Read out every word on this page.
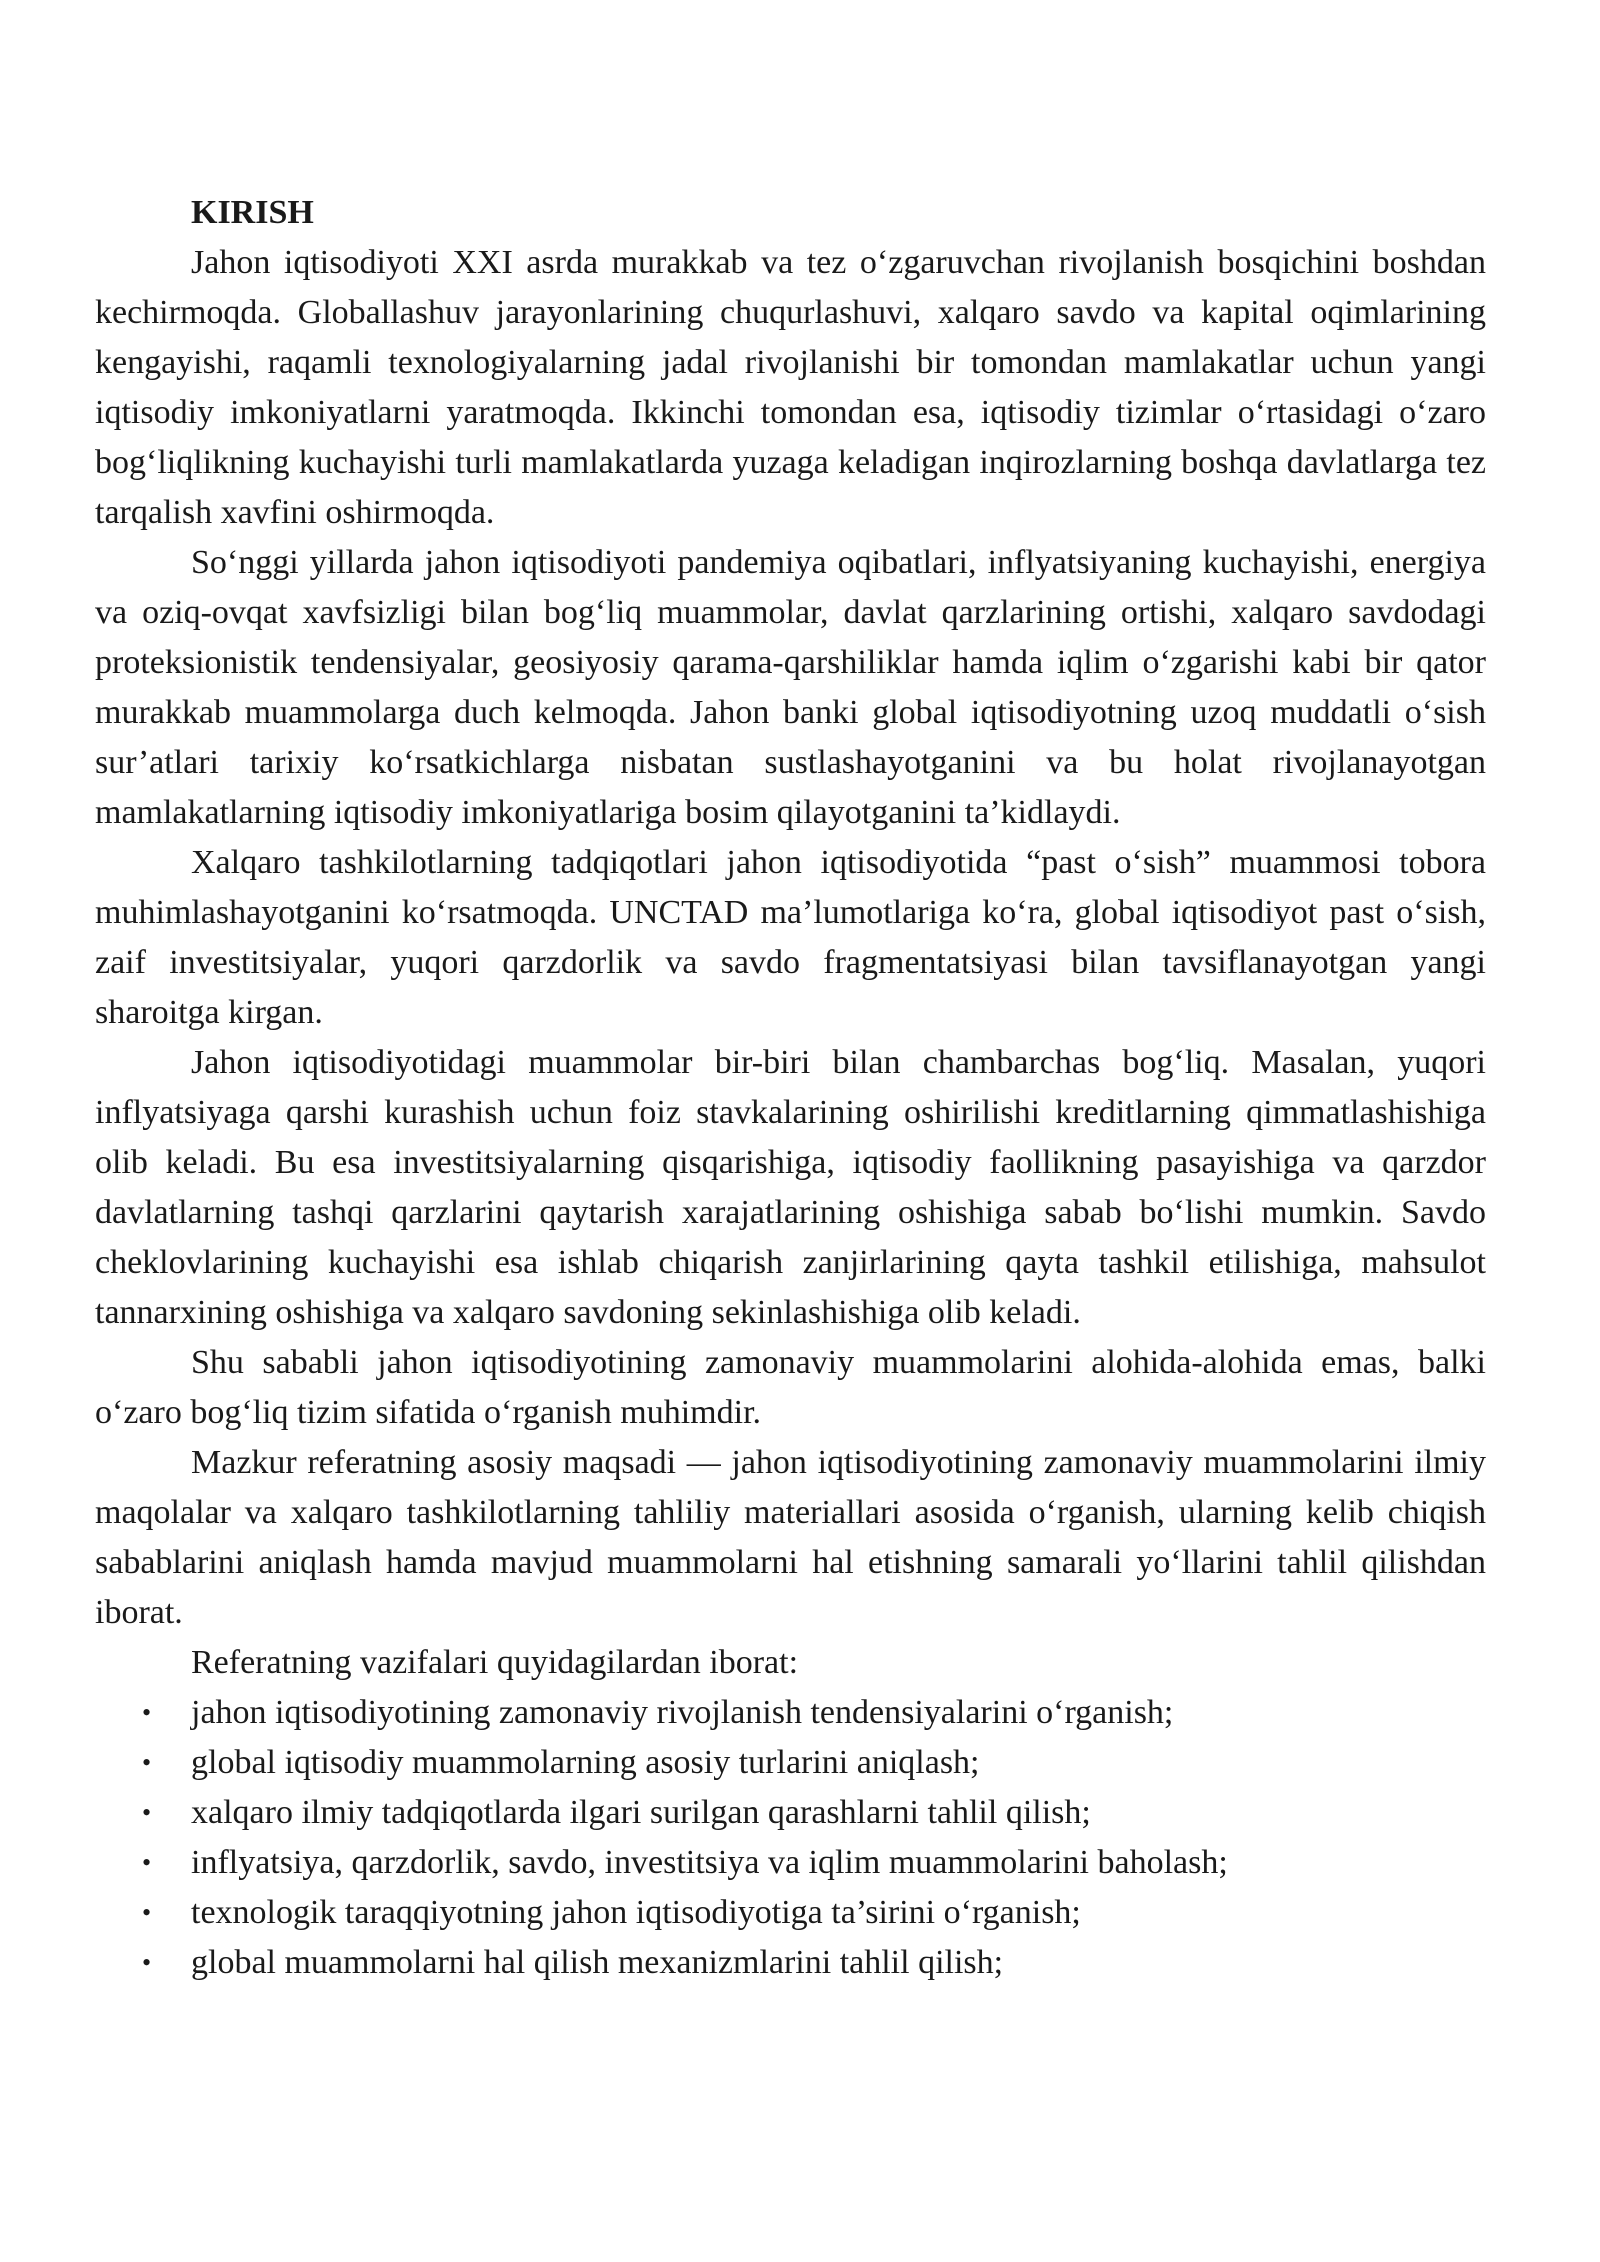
KIRISH

Jahon iqtisodiyoti XXI asrda murakkab va tez o‘zgaruvchan rivojlanish bosqichini boshdan kechirmoqda. Globallashuv jarayonlarining chuqurlashuvi, xalqaro savdo va kapital oqimlarining kengayishi, raqamli texnologiyalarning jadal rivojlanishi bir tomondan mamlakatlar uchun yangi iqtisodiy imkoniyatlarni yaratmoqda. Ikkinchi tomondan esa, iqtisodiy tizimlar o‘rtasidagi o‘zaro bog‘liqlikning kuchayishi turli mamlakatlarda yuzaga keladigan inqirozlarning boshqa davlatlarga tez tarqalish xavfini oshirmoqda.

So‘nggi yillarda jahon iqtisodiyoti pandemiya oqibatlari, inflyatsiyaning kuchayishi, energiya va oziq-ovqat xavfsizligi bilan bog‘liq muammolar, davlat qarzlarining ortishi, xalqaro savdodagi proteksionistik tendensiyalar, geosiyosiy qarama-qarshiliklar hamda iqlim o‘zgarishi kabi bir qator murakkab muammolarga duch kelmoqda. Jahon banki global iqtisodiyotning uzoq muddatli o‘sish sur’atlari tarixiy ko‘rsatkichlarga nisbatan sustlashayotganini va bu holat rivojlanayotgan mamlakatlarning iqtisodiy imkoniyatlariga bosim qilayotganini ta’kidlaydi.

Xalqaro tashkilotlarning tadqiqotlari jahon iqtisodiyotida “past o‘sish” muammosi tobora muhimlashayotganini ko‘rsatmoqda. UNCTAD ma’lumotlariga ko‘ra, global iqtisodiyot past o‘sish, zaif investitsiyalar, yuqori qarzdorlik va savdo fragmentatsiyasi bilan tavsiflanayotgan yangi sharoitga kirgan.

Jahon iqtisodiyotidagi muammolar bir-biri bilan chambarchas bog‘liq. Masalan, yuqori inflyatsiyaga qarshi kurashish uchun foiz stavkalarining oshirilishi kreditlarning qimmatlashishiga olib keladi. Bu esa investitsiyalarning qisqarishiga, iqtisodiy faollikning pasayishiga va qarzdor davlatlarning tashqi qarzlarini qaytarish xarajatlarining oshishiga sabab bo‘lishi mumkin. Savdo cheklovlarining kuchayishi esa ishlab chiqarish zanjirlarining qayta tashkil etilishiga, mahsulot tannarxining oshishiga va xalqaro savdoning sekinlashishiga olib keladi.

Shu sababli jahon iqtisodiyotining zamonaviy muammolarini alohida-alohida emas, balki o‘zaro bog‘liq tizim sifatida o‘rganish muhimdir.

Mazkur referatning asosiy maqsadi — jahon iqtisodiyotining zamonaviy muammolarini ilmiy maqolalar va xalqaro tashkilotlarning tahliliy materiallari asosida o‘rganish, ularning kelib chiqish sabablarini aniqlash hamda mavjud muammolarni hal etishning samarali yo‘llarini tahlil qilishdan iborat.

Referatning vazifalari quyidagilardan iborat:

• jahon iqtisodiyotining zamonaviy rivojlanish tendensiyalarini o‘rganish;
• global iqtisodiy muammolarning asosiy turlarini aniqlash;
• xalqaro ilmiy tadqiqotlarda ilgari surilgan qarashlarni tahlil qilish;
• inflyatsiya, qarzdorlik, savdo, investitsiya va iqlim muammolarini baholash;
• texnologik taraqqiyotning jahon iqtisodiyotiga ta’sirini o‘rganish;
• global muammolarni hal qilish mexanizmlarini tahlil qilish;
